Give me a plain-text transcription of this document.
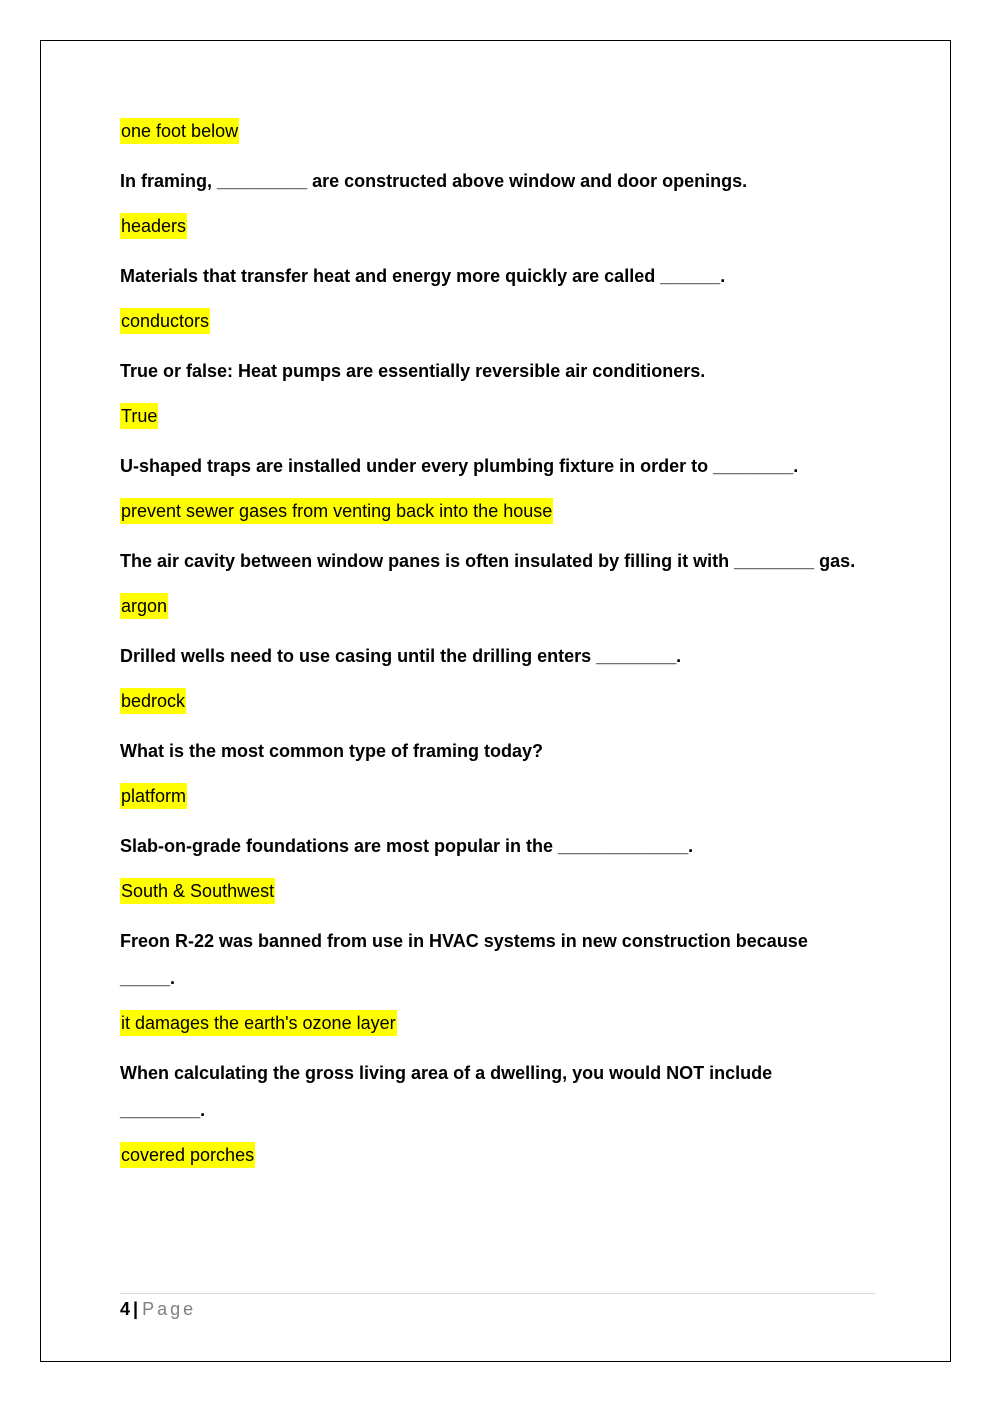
one foot below

In framing, _________ are constructed above window and door openings.

headers

Materials that transfer heat and energy more quickly are called ______.

conductors

True or false: Heat pumps are essentially reversible air conditioners.

True

U-shaped traps are installed under every plumbing fixture in order to ________.

prevent sewer gases from venting back into the house

The air cavity between window panes is often insulated by filling it with ________ gas.

argon

Drilled wells need to use casing until the drilling enters ________.

bedrock

What is the most common type of framing today?

platform

Slab-on-grade foundations are most popular in the _____________.

South & Southwest

Freon R-22 was banned from use in HVAC systems in new construction because _____.

it damages the earth's ozone layer

When calculating the gross living area of a dwelling, you would NOT include ________.

covered porches
4 | Page
